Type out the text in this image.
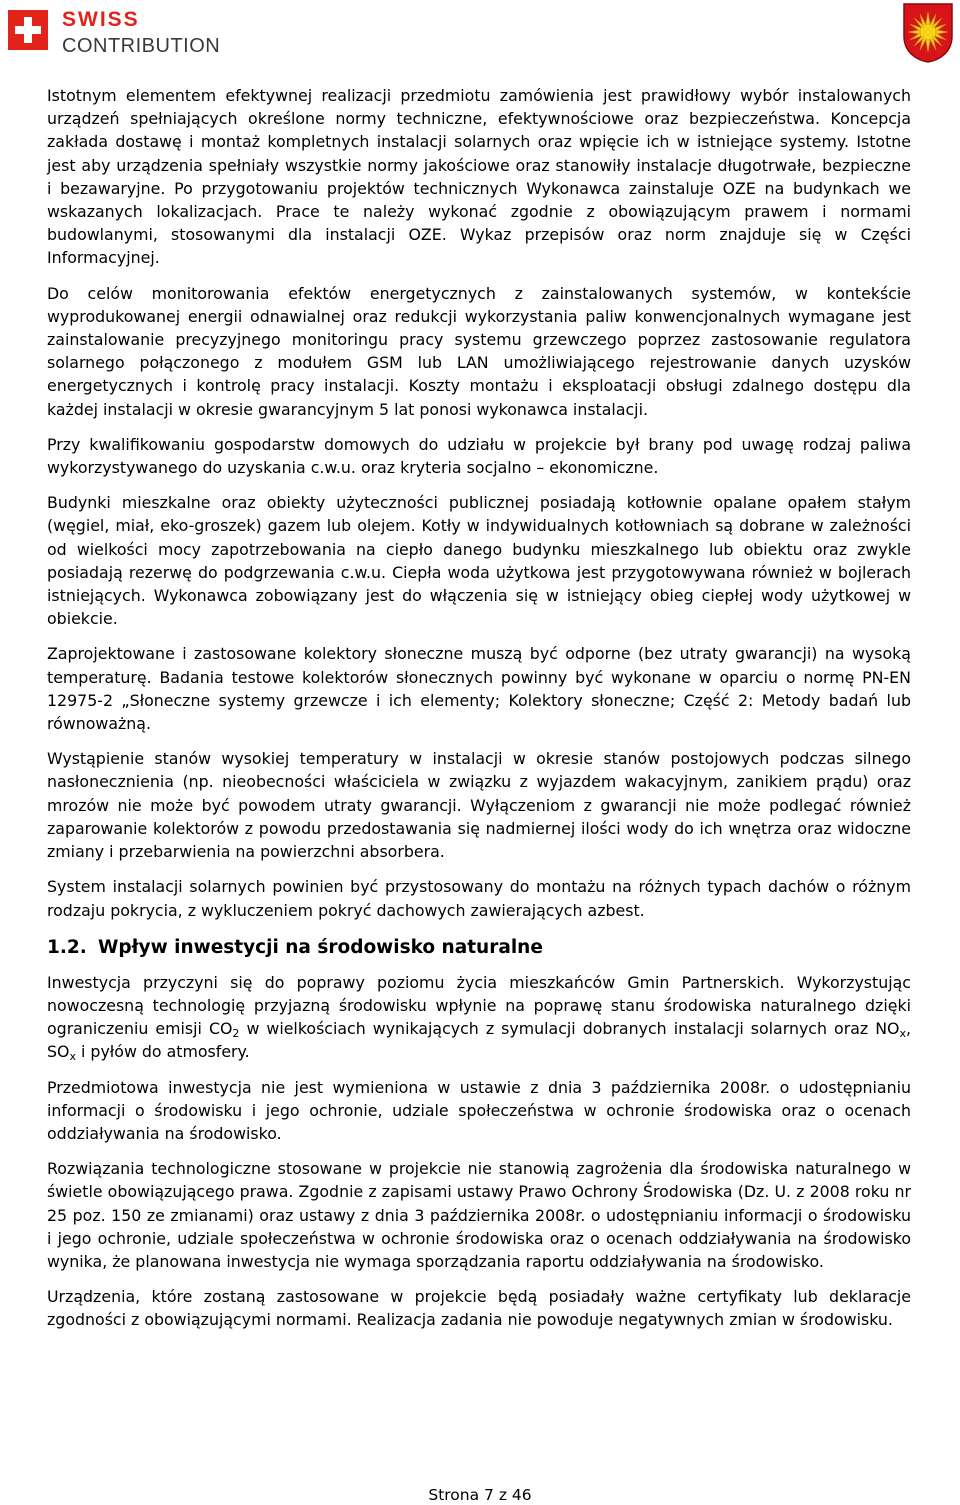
SWISS
CONTRIBUTION

Istotnym elementem efektywnej realizacji przedmiotu zamówienia jest prawidłowy wybór instalowanych urządzeń spełniających określone normy techniczne, efektywnościowe oraz bezpieczeństwa. Koncepcja zakłada dostawę i montaż kompletnych instalacji solarnych oraz wpięcie ich w istniejące systemy. Istotne jest aby urządzenia spełniały wszystkie normy jakościowe oraz stanowiły instalacje długotrwałe, bezpieczne i bezawaryjne. Po przygotowaniu projektów technicznych Wykonawca zainstaluje OZE na budynkach we wskazanych lokalizacjach. Prace te należy wykonać zgodnie z obowiązującym prawem i normami budowlanymi, stosowanymi dla instalacji OZE. Wykaz przepisów oraz norm znajduje się w Części Informacyjnej.

Do celów monitorowania efektów energetycznych z zainstalowanych systemów, w kontekście wyprodukowanej energii odnawialnej oraz redukcji wykorzystania paliw konwencjonalnych wymagane jest zainstalowanie precyzyjnego monitoringu pracy systemu grzewczego poprzez zastosowanie regulatora solarnego połączonego z modułem GSM lub LAN umożliwiającego rejestrowanie danych uzysków energetycznych i kontrolę pracy instalacji. Koszty montażu i eksploatacji obsługi zdalnego dostępu dla każdej instalacji w okresie gwarancyjnym 5 lat ponosi wykonawca instalacji.

Przy kwalifikowaniu gospodarstw domowych do udziału w projekcie był brany pod uwagę rodzaj paliwa wykorzystywanego do uzyskania c.w.u. oraz kryteria socjalno – ekonomiczne.

Budynki mieszkalne oraz obiekty użyteczności publicznej posiadają kotłownie opalane opałem stałym (węgiel, miał, eko-groszek) gazem lub olejem. Kotły w indywidualnych kotłowniach są dobrane w zależności od wielkości mocy zapotrzebowania na ciepło danego budynku mieszkalnego lub obiektu oraz zwykle posiadają rezerwę do podgrzewania c.w.u. Ciepła woda użytkowa jest przygotowywana również w bojlerach istniejących. Wykonawca zobowiązany jest do włączenia się w istniejący obieg ciepłej wody użytkowej w obiekcie.

Zaprojektowane i zastosowane kolektory słoneczne muszą być odporne (bez utraty gwarancji) na wysoką temperaturę. Badania testowe kolektorów słonecznych powinny być wykonane w oparciu o normę PN-EN 12975-2 „Słoneczne systemy grzewcze i ich elementy; Kolektory słoneczne; Część 2: Metody badań lub równoważną.

Wystąpienie stanów wysokiej temperatury w instalacji w okresie stanów postojowych podczas silnego nasłonecznienia (np. nieobecności właściciela w związku z wyjazdem wakacyjnym, zanikiem prądu) oraz mrozów nie może być powodem utraty gwarancji. Wyłączeniom z gwarancji nie może podlegać również zaparowanie kolektorów z powodu przedostawania się nadmiernej ilości wody do ich wnętrza oraz widoczne zmiany i przebarwienia na powierzchni absorbera.

System instalacji solarnych powinien być przystosowany do montażu na różnych typach dachów o różnym rodzaju pokrycia, z wykluczeniem pokryć dachowych zawierających azbest.

1.2. Wpływ inwestycji na środowisko naturalne

Inwestycja przyczyni się do poprawy poziomu życia mieszkańców Gmin Partnerskich. Wykorzystując nowoczesną technologię przyjazną środowisku wpłynie na poprawę stanu środowiska naturalnego dzięki ograniczeniu emisji $CO_2$ w wielkościach wynikających z symulacji dobranych instalacji solarnych oraz $NO_x$, $SO_x$ i pyłów do atmosfery.

Przedmiotowa inwestycja nie jest wymieniona w ustawie z dnia 3 października 2008r. o udostępnianiu informacji o środowisku i jego ochronie, udziale społeczeństwa w ochronie środowiska oraz o ocenach oddziaływania na środowisko.

Rozwiązania technologiczne stosowane w projekcie nie stanowią zagrożenia dla środowiska naturalnego w świetle obowiązującego prawa. Zgodnie z zapisami ustawy Prawo Ochrony Środowiska (Dz. U. z 2008 roku nr 25 poz. 150 ze zmianami) oraz ustawy z dnia 3 października 2008r. o udostępnianiu informacji o środowisku i jego ochronie, udziale społeczeństwa w ochronie środowiska oraz o ocenach oddziaływania na środowisko wynika, że planowana inwestycja nie wymaga sporządzania raportu oddziaływania na środowisko.

Urządzenia, które zostaną zastosowane w projekcie będą posiadały ważne certyfikaty lub deklaracje zgodności z obowiązującymi normami. Realizacja zadania nie powoduje negatywnych zmian w środowisku.

Strona 7 z 46
